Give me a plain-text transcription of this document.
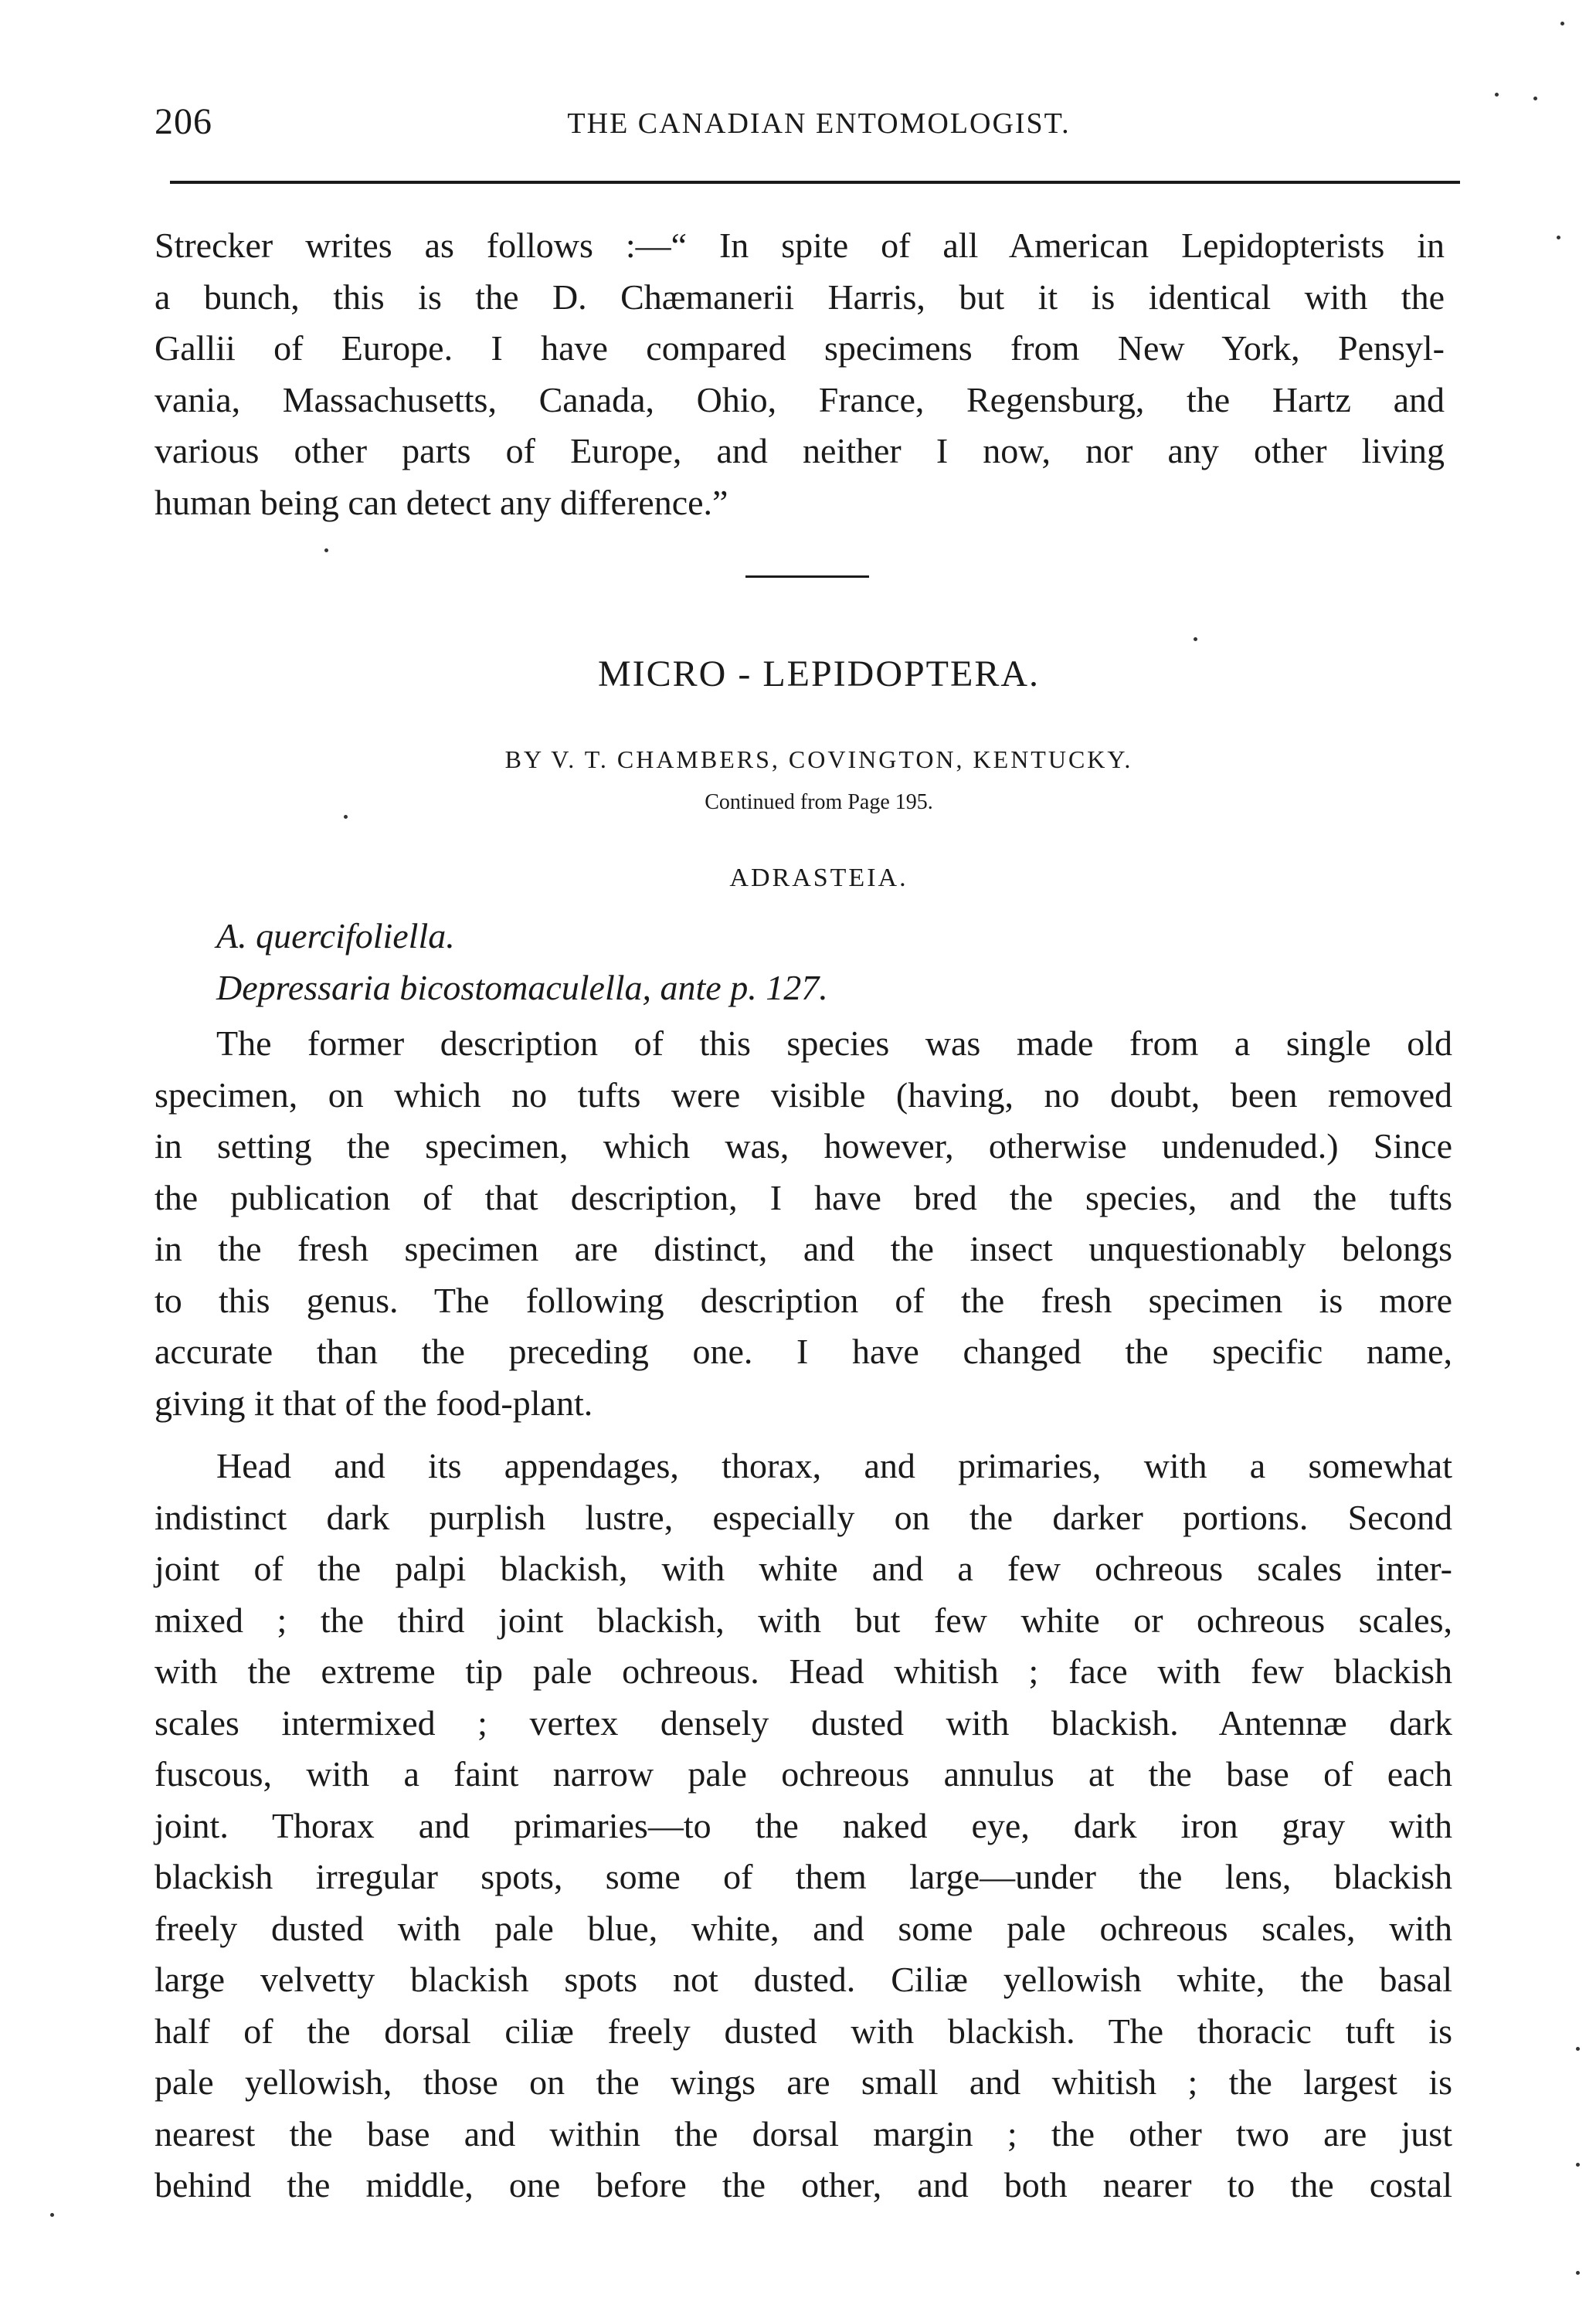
206	THE CANADIAN ENTOMOLOGIST.
Strecker writes as follows :—“ In spite of all American Lepidopterists in
a bunch, this is the D. Chæmanerii Harris, but it is identical with the
Gallii of Europe. I have compared specimens from New York, Pensyl-
vania, Massachusetts, Canada, Ohio, France, Regensburg, the Hartz and
various other parts of Europe, and neither I now, nor any other living
human being can detect any difference.”
MICRO - LEPIDOPTERA.
BY V. T. CHAMBERS, COVINGTON, KENTUCKY.
Continued from Page 195.
ADRASTEIA.
A. quercifoliella.
Depressaria bicostomaculella, ante p. 127.
The former description of this species was made from a single old
specimen, on which no tufts were visible (having, no doubt, been removed
in setting the specimen, which was, however, otherwise undenuded.) Since
the publication of that description, I have bred the species, and the tufts
in the fresh specimen are distinct, and the insect unquestionably belongs
to this genus. The following description of the fresh specimen is more
accurate than the preceding one. I have changed the specific name,
giving it that of the food-plant.
Head and its appendages, thorax, and primaries, with a somewhat
indistinct dark purplish lustre, especially on the darker portions. Second
joint of the palpi blackish, with white and a few ochreous scales inter-
mixed ; the third joint blackish, with but few white or ochreous scales,
with the extreme tip pale ochreous. Head whitish ; face with few blackish
scales intermixed ; vertex densely dusted with blackish. Antennæ dark
fuscous, with a faint narrow pale ochreous annulus at the base of each
joint. Thorax and primaries—to the naked eye, dark iron gray with
blackish irregular spots, some of them large—under the lens, blackish
freely dusted with pale blue, white, and some pale ochreous scales, with
large velvetty blackish spots not dusted. Ciliæ yellowish white, the basal
half of the dorsal ciliæ freely dusted with blackish. The thoracic tuft is
pale yellowish, those on the wings are small and whitish ; the largest is
nearest the base and within the dorsal margin ; the other two are just
behind the middle, one before the other, and both nearer to the costal
